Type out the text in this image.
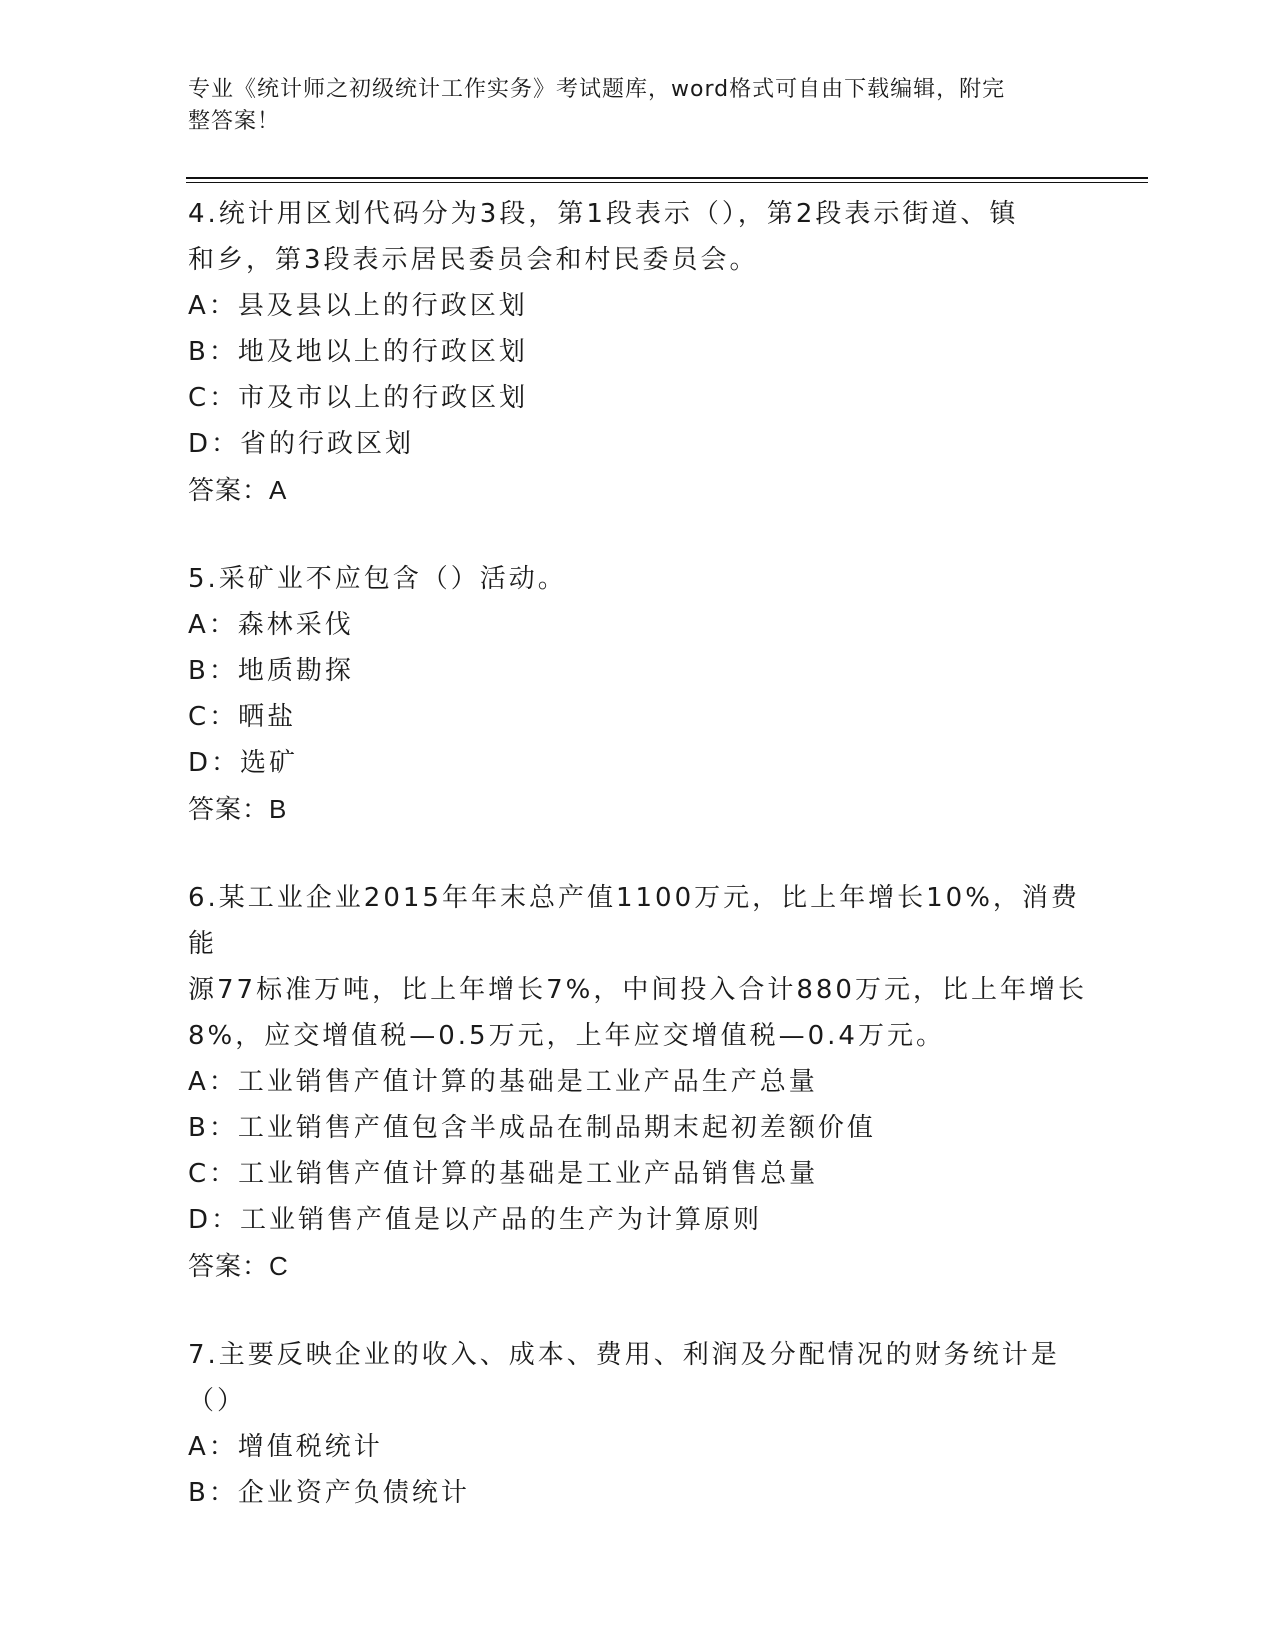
专业《统计师之初级统计工作实务》考试题库，word格式可自由下载编辑，附完
整答案！

4.统计用区划代码分为3段，第1段表示（），第2段表示街道、镇

和乡，第3段表示居民委员会和村民委员会。

A：县及县以上的行政区划

B：地及地以上的行政区划

C：市及市以上的行政区划

D：省的行政区划

答案：A

5.采矿业不应包含（）活动。

A：森林采伐

B：地质勘探

C：晒盐

D：选矿

答案：B

6.某工业企业2015年年末总产值1100万元，比上年增长10%，消费能

源77标准万吨，比上年增长7%，中间投入合计880万元，比上年增长

8%，应交增值税—0.5万元，上年应交增值税—0.4万元。

A：工业销售产值计算的基础是工业产品生产总量

B：工业销售产值包含半成品在制品期末起初差额价值

C：工业销售产值计算的基础是工业产品销售总量

D：工业销售产值是以产品的生产为计算原则

答案：C

7.主要反映企业的收入、成本、费用、利润及分配情况的财务统计是

（）

A：增值税统计

B：企业资产负债统计
